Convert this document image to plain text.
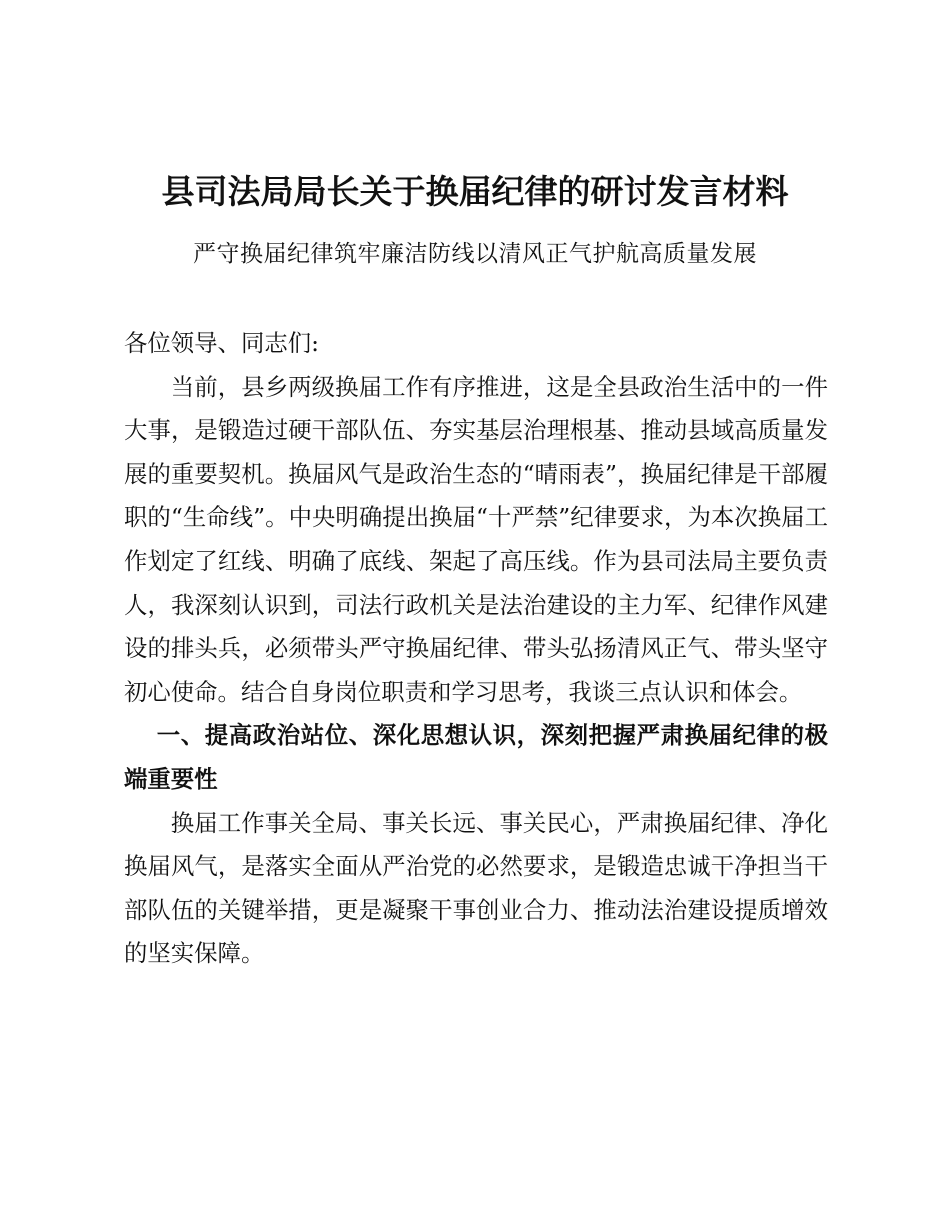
县司法局局长关于换届纪律的研讨发言材料

严守换届纪律筑牢廉洁防线以清风正气护航高质量发展

各位领导、同志们:

当前，县乡两级换届工作有序推进，这是全县政治生活中的一件大事，是锻造过硬干部队伍、夯实基层治理根基、推动县域高质量发展的重要契机。换届风气是政治生态的“晴雨表”，换届纪律是干部履职的“生命线”。中央明确提出换届“十严禁”纪律要求，为本次换届工作划定了红线、明确了底线、架起了高压线。作为县司法局主要负责人，我深刻认识到，司法行政机关是法治建设的主力军、纪律作风建设的排头兵，必须带头严守换届纪律、带头弘扬清风正气、带头坚守初心使命。结合自身岗位职责和学习思考，我谈三点认识和体会。

一、提高政治站位、深化思想认识，深刻把握严肃换届纪律的极端重要性

换届工作事关全局、事关长远、事关民心，严肃换届纪律、净化换届风气，是落实全面从严治党的必然要求，是锻造忠诚干净担当干部队伍的关键举措，更是凝聚干事创业合力、推动法治建设提质增效的坚实保障。
